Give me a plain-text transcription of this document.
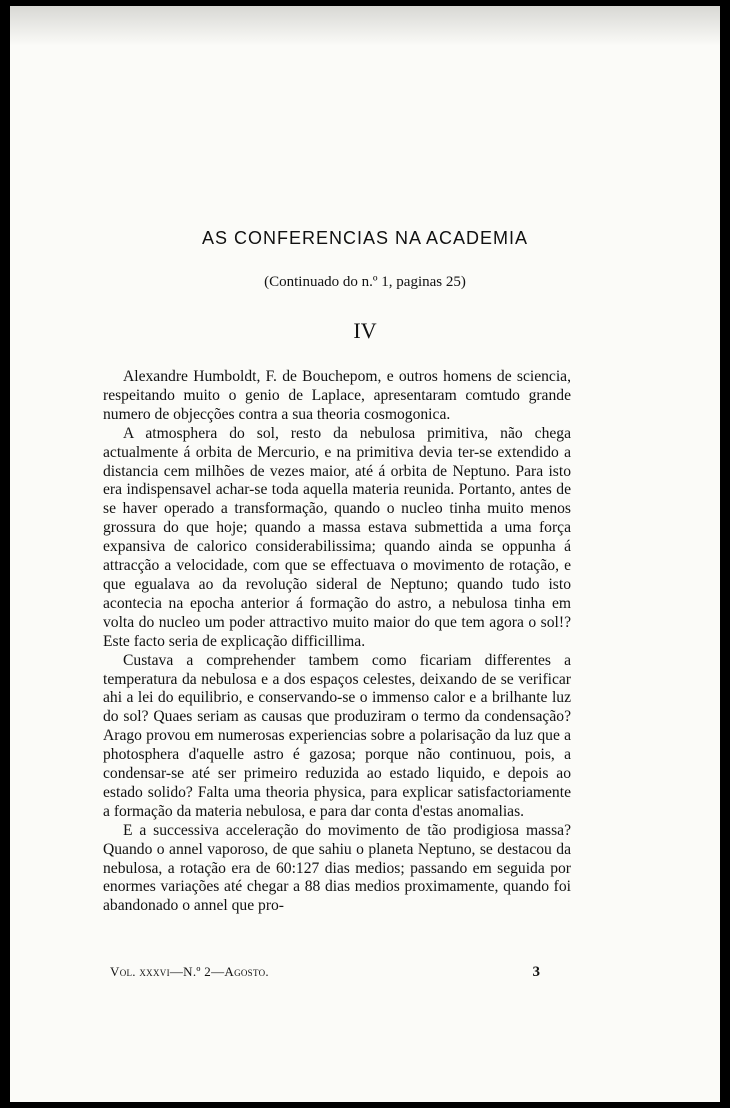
AS CONFERENCIAS NA ACADEMIA
(Continuado do n.º 1, paginas 25)
IV

Alexandre Humboldt, F. de Bouchepom, e outros homens de sciencia, respeitando muito o genio de Laplace, apresentaram comtudo grande numero de objecções contra a sua theoria cosmogonica.

A atmosphera do sol, resto da nebulosa primitiva, não chega actualmente á orbita de Mercurio, e na primitiva devia ter-se extendido a distancia cem milhões de vezes maior, até á orbita de Neptuno. Para isto era indispensavel achar-se toda aquella materia reunida. Portanto, antes de se haver operado a transformação, quando o nucleo tinha muito menos grossura do que hoje; quando a massa estava submettida a uma força expansiva de calorico considerabilissima; quando ainda se oppunha á attracção a velocidade, com que se effectuava o movimento de rotação, e que egualava ao da revolução sideral de Neptuno; quando tudo isto acontecia na epocha anterior á formação do astro, a nebulosa tinha em volta do nucleo um poder attractivo muito maior do que tem agora o sol!? Este facto seria de explicação difficillima.

Custava a comprehender tambem como ficariam differentes a temperatura da nebulosa e a dos espaços celestes, deixando de se verificar ahi a lei do equilibrio, e conservando-se o immenso calor e a brilhante luz do sol? Quaes seriam as causas que produziram o termo da condensação? Arago provou em numerosas experiencias sobre a polarisação da luz que a photosphera d'aquelle astro é gazosa; porque não continuou, pois, a condensar-se até ser primeiro reduzida ao estado liquido, e depois ao estado solido? Falta uma theoria physica, para explicar satisfactoriamente a formação da materia nebulosa, e para dar conta d'estas anomalias.

E a successiva acceleração do movimento de tão prodigiosa massa? Quando o annel vaporoso, de que sahiu o planeta Neptuno, se destacou da nebulosa, a rotação era de 60:127 dias medios; passando em seguida por enormes variações até chegar a 88 dias medios proximamente, quando foi abandonado o annel que pro-

Vol. xxxvi—N.º 2—Agosto.	3
